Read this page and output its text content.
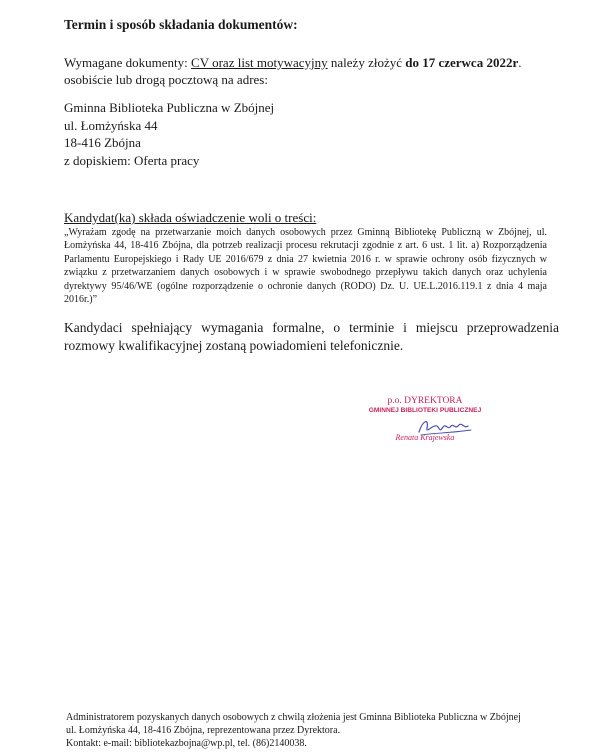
Termin i sposób składania dokumentów:
Wymagane dokumenty: CV oraz list motywacyjny należy złożyć do 17 czerwca 2022r. osobiście lub drogą pocztową na adres:
Gminna Biblioteka Publiczna w Zbójnej
ul. Łomżyńska 44
18-416 Zbójna
z dopiskiem: Oferta pracy
Kandydat(ka) składa oświadczenie woli o treści:
„Wyrażam zgodę na przetwarzanie moich danych osobowych przez Gminną Bibliotekę Publiczną w Zbójnej, ul. Łomżyńska 44, 18-416 Zbójna, dla potrzeb realizacji procesu rekrutacji zgodnie z art. 6 ust. 1 lit. a) Rozporządzenia Parlamentu Europejskiego i Rady UE 2016/679 z dnia 27 kwietnia 2016 r. w sprawie ochrony osób fizycznych w związku z przetwarzaniem danych osobowych i w sprawie swobodnego przepływu takich danych oraz uchylenia dyrektywy 95/46/WE (ogólne rozporządzenie o ochronie danych (RODO) Dz. U. UE.L.2016.119.1 z dnia 4 maja 2016r.)”
Kandydaci spełniający wymagania formalne, o terminie i miejscu przeprowadzenia rozmowy kwalifikacyjnej zostaną powiadomieni telefonicznie.
p.o. DYREKTORA
GMINNEJ BIBLIOTEKI PUBLICZNEJ
Renata Krajewska
Administratorem pozyskanych danych osobowych z chwilą złożenia jest Gminna Biblioteka Publiczna w Zbójnej
ul. Łomżyńska 44, 18-416 Zbójna, reprezentowana przez Dyrektora.
Kontakt: e-mail: bibliotekazbojna@wp.pl, tel. (86)2140038.
